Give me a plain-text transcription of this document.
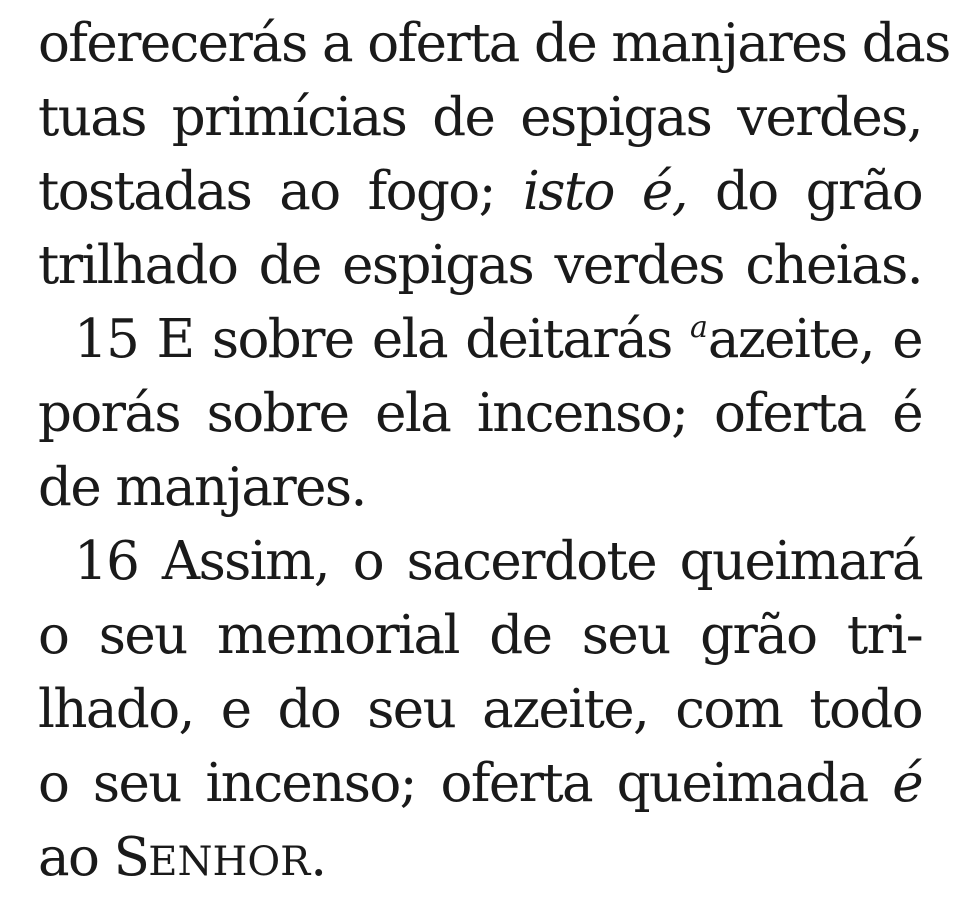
oferecerás a oferta de manjares das
tuas primícias de espigas verdes,
tostadas ao fogo; isto é, do grão
trilhado de espigas verdes cheias.
15 E sobre ela deitarás $^a$azeite, e
porás sobre ela incenso; oferta é
de manjares.
16 Assim, o sacerdote queimará
o seu memorial de seu grão tri-
lhado, e do seu azeite, com todo
o seu incenso; oferta queimada é
ao SENHOR.
